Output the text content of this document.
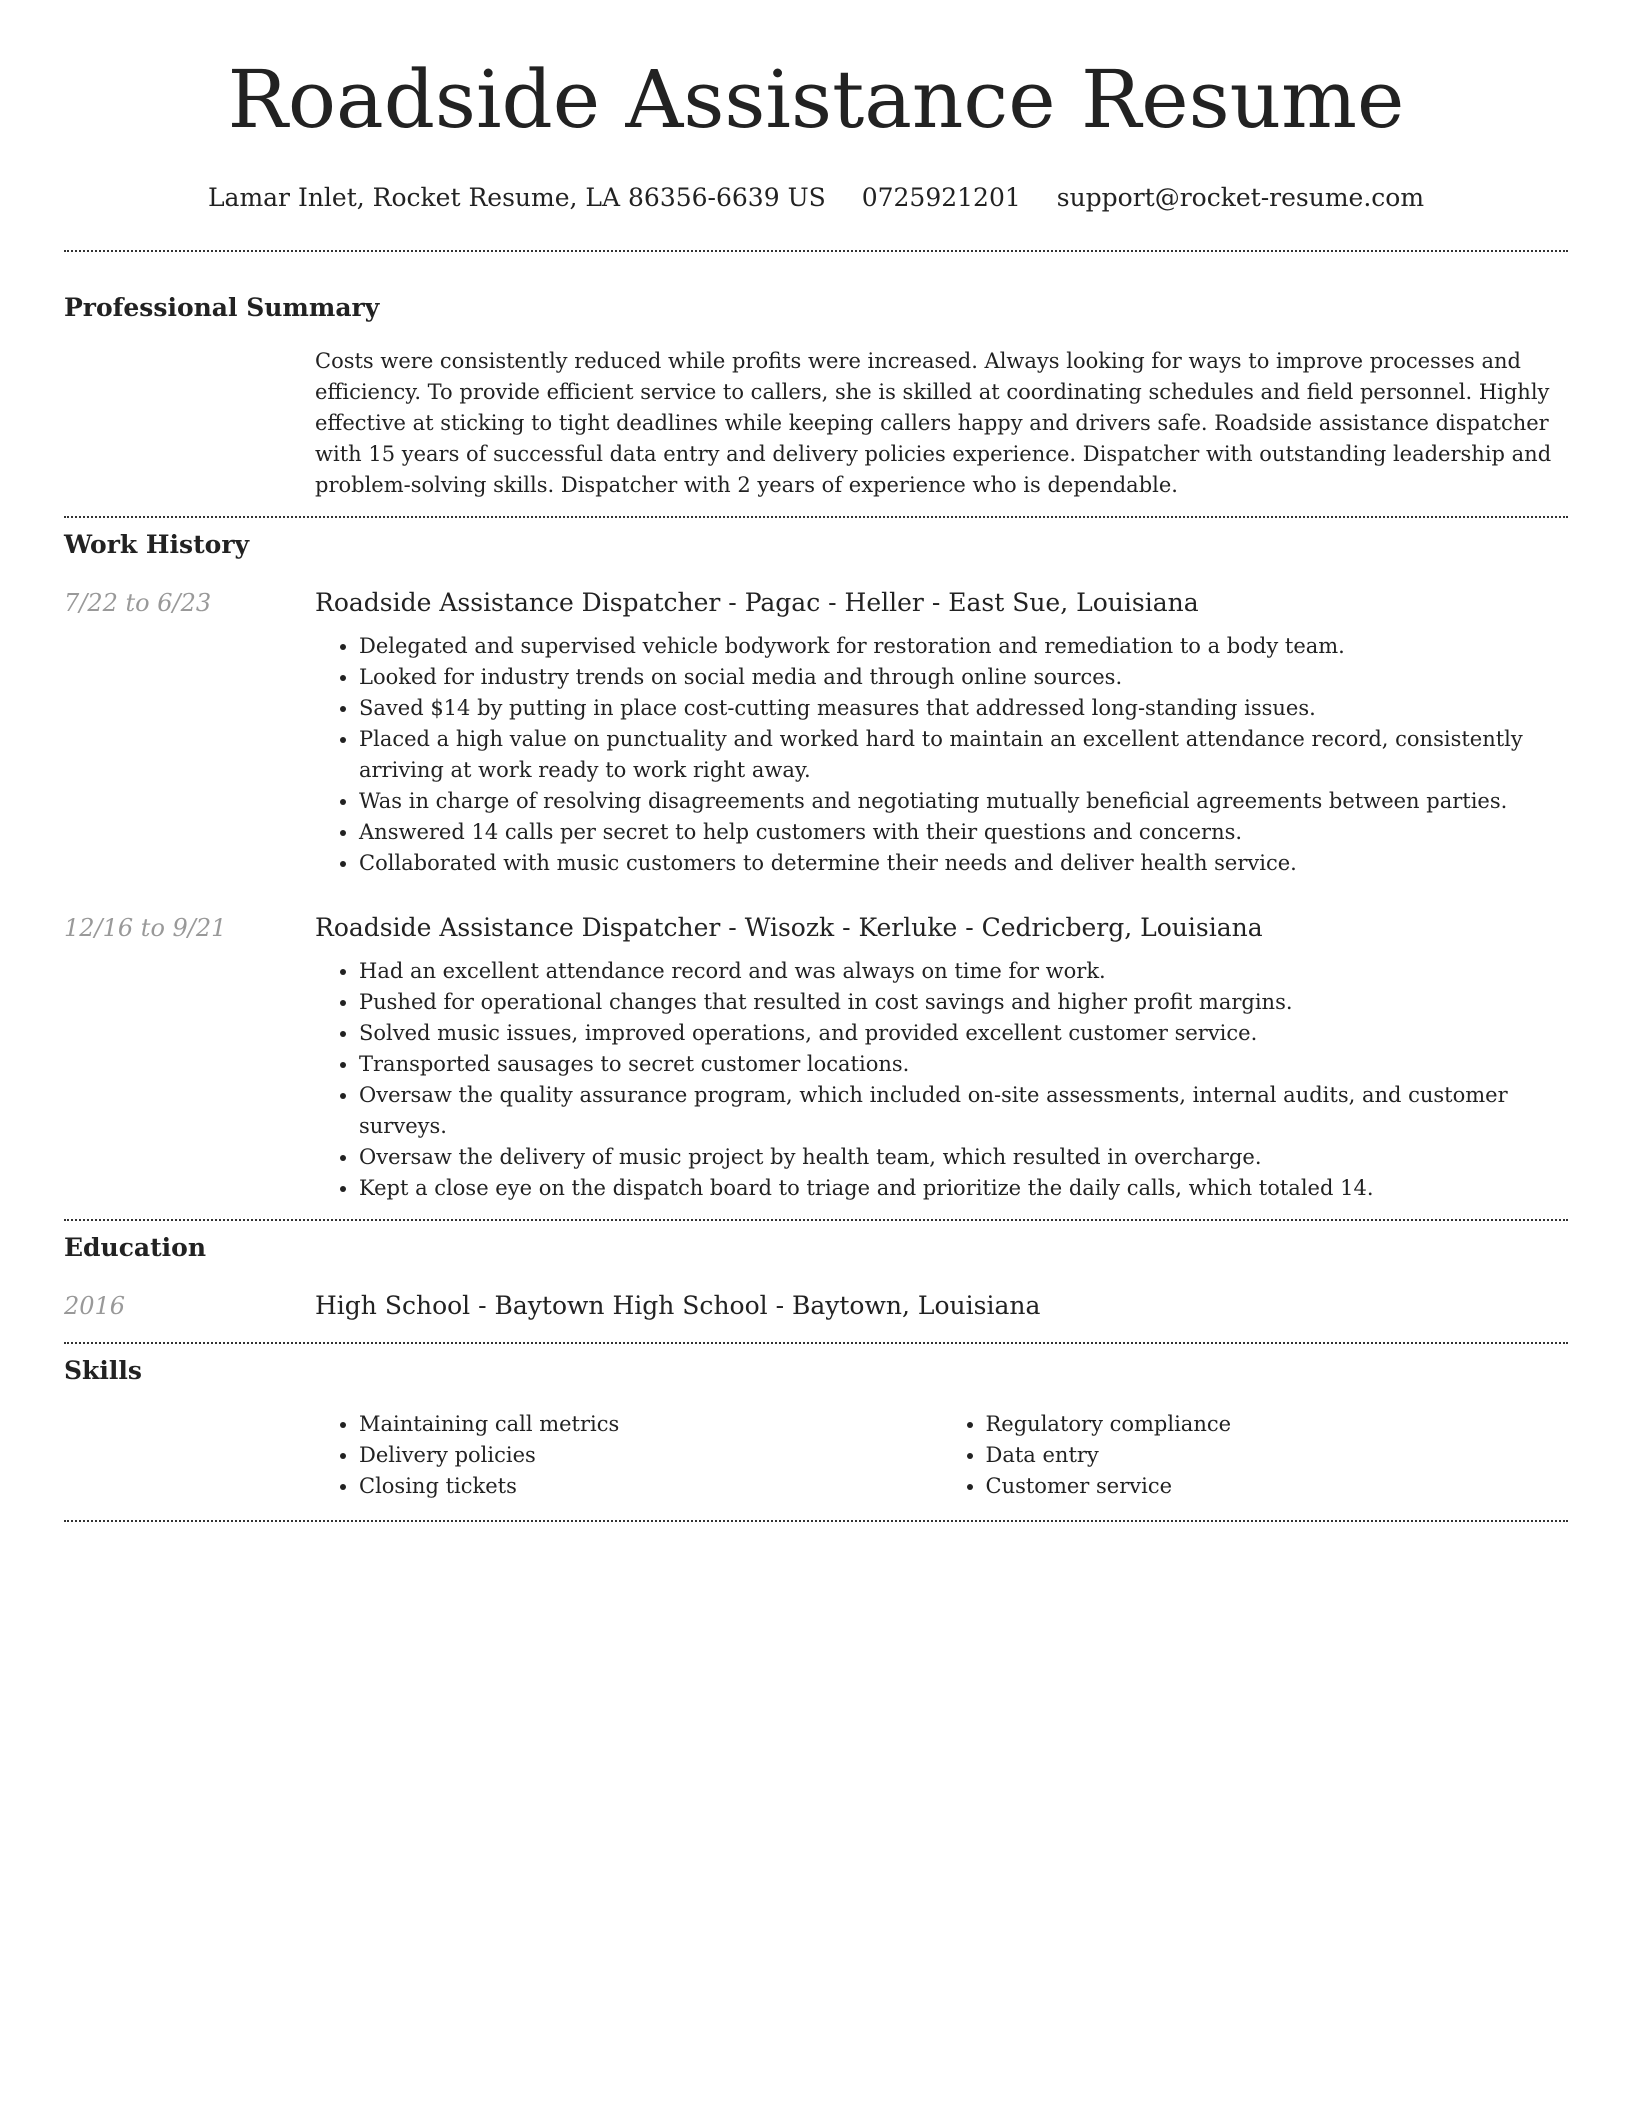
Roadside Assistance Resume
Lamar Inlet, Rocket Resume, LA 86356-6639 US 0725921201 support@rocket-resume.com
Professional Summary

Costs were consistently reduced while profits were increased. Always looking for ways to improve processes and efficiency. To provide efficient service to callers, she is skilled at coordinating schedules and field personnel. Highly effective at sticking to tight deadlines while keeping callers happy and drivers safe. Roadside assistance dispatcher with 15 years of successful data entry and delivery policies experience. Dispatcher with outstanding leadership and problem-solving skills. Dispatcher with 2 years of experience who is dependable.

Work History
7/22 to 6/23	Roadside Assistance Dispatcher - Pagac - Heller - East Sue, Louisiana
• Delegated and supervised vehicle bodywork for restoration and remediation to a body team.
• Looked for industry trends on social media and through online sources.
• Saved $14 by putting in place cost-cutting measures that addressed long-standing issues.
• Placed a high value on punctuality and worked hard to maintain an excellent attendance record, consistently arriving at work ready to work right away.
• Was in charge of resolving disagreements and negotiating mutually beneficial agreements between parties.
• Answered 14 calls per secret to help customers with their questions and concerns.
• Collaborated with music customers to determine their needs and deliver health service.
12/16 to 9/21	Roadside Assistance Dispatcher - Wisozk - Kerluke - Cedricberg, Louisiana
• Had an excellent attendance record and was always on time for work.
• Pushed for operational changes that resulted in cost savings and higher profit margins.
• Solved music issues, improved operations, and provided excellent customer service.
• Transported sausages to secret customer locations.
• Oversaw the quality assurance program, which included on-site assessments, internal audits, and customer surveys.
• Oversaw the delivery of music project by health team, which resulted in overcharge.
• Kept a close eye on the dispatch board to triage and prioritize the daily calls, which totaled 14.
Education
2016	High School - Baytown High School - Baytown, Louisiana
Skills
• Maintaining call metrics
• Delivery policies
• Closing tickets
• Regulatory compliance
• Data entry
• Customer service
